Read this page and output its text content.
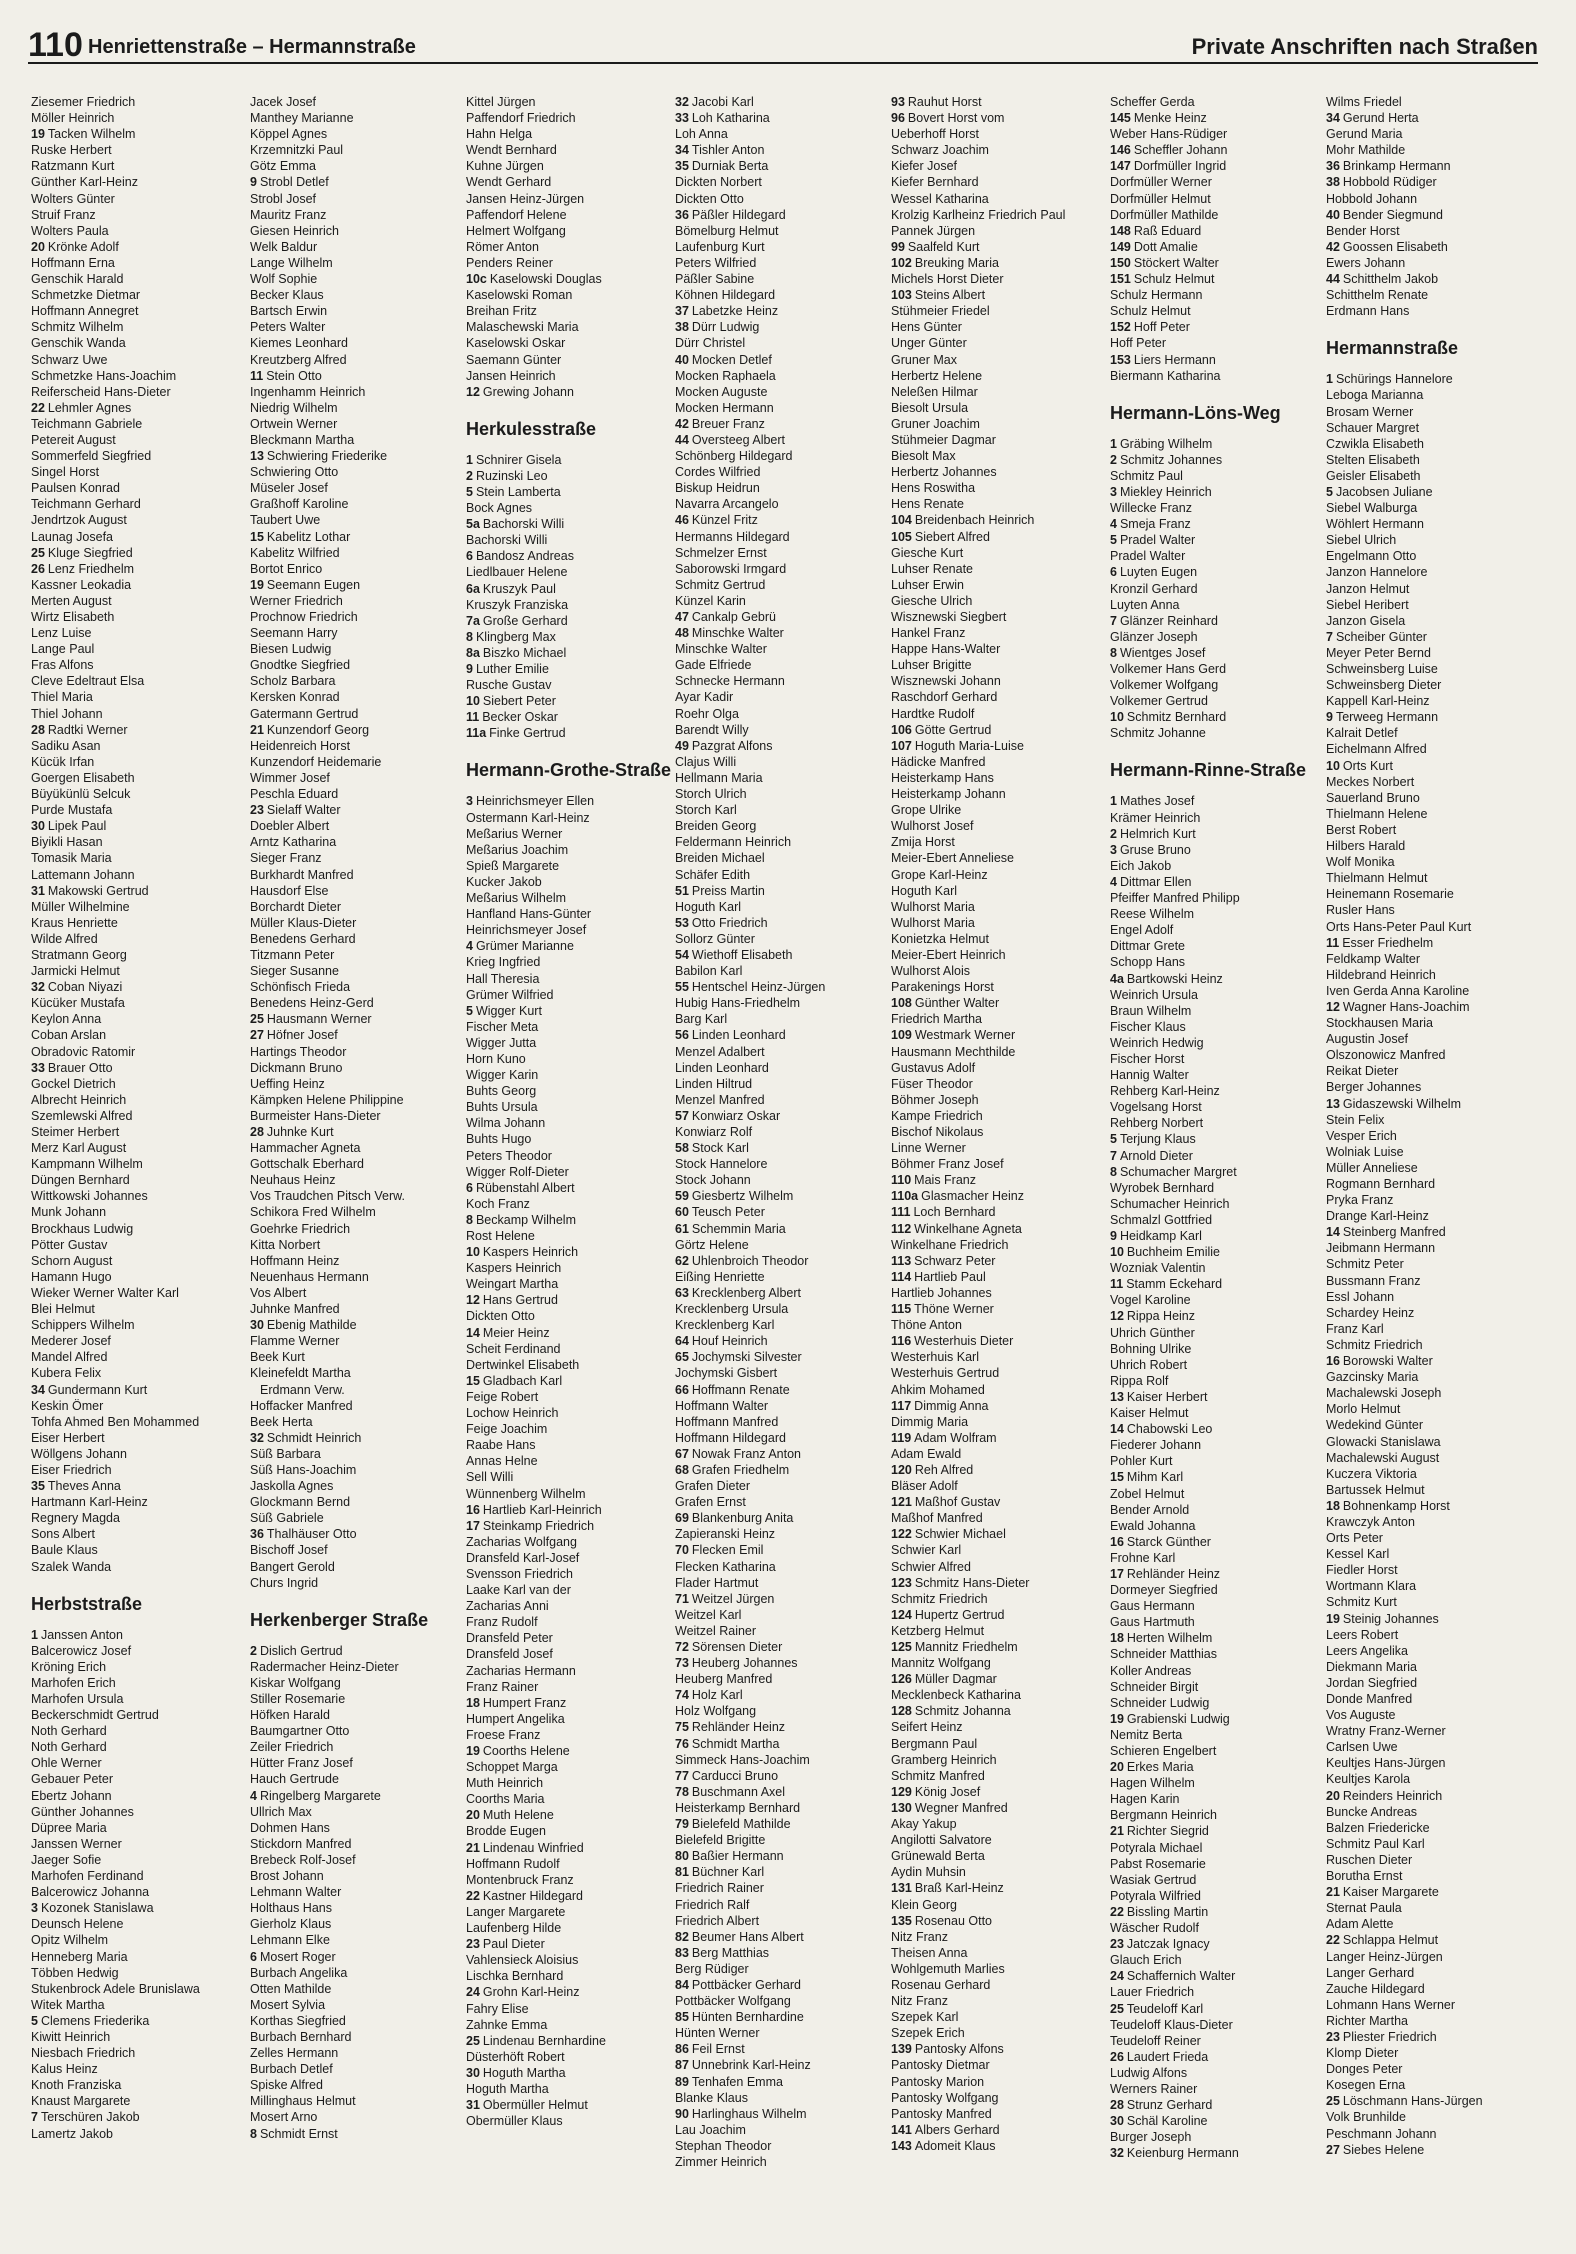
110 Henriettenstraße – Hermannstraße	Private Anschriften nach Straßen
Ziesemer Friedrich
Möller Heinrich
19 Tacken Wilhelm
Ruske Herbert
Ratzmann Kurt
Günther Karl-Heinz
Wolters Günter
Struif Franz
Wolters Paula
20 Krönke Adolf
Hoffmann Erna
Genschik Harald
Schmetzke Dietmar
Hoffmann Annegret
Schmitz Wilhelm
Genschik Wanda
Schwarz Uwe
Schmetzke Hans-Joachim
Reiferscheid Hans-Dieter
22 Lehmler Agnes
Teichmann Gabriele
Petereit August
Sommerfeld Siegfried
Singel Horst
Paulsen Konrad
Teichmann Gerhard
Jendrtzok August
Launag Josefa
25 Kluge Siegfried
26 Lenz Friedhelm
Kassner Leokadia
Merten August
Wirtz Elisabeth
Lenz Luise
Lange Paul
Fras Alfons
Cleve Edeltraut Elsa
Thiel Maria
Thiel Johann
28 Radtki Werner
Sadiku Asan
Kücük Irfan
Goergen Elisabeth
Büyükünlü Selcuk
Purde Mustafa
30 Lipek Paul
Biyikli Hasan
Tomasik Maria
Lattemann Johann
31 Makowski Gertrud
Müller Wilhelmine
Kraus Henriette
Wilde Alfred
Stratmann Georg
Jarmicki Helmut
32 Coban Niyazi
Kücüker Mustafa
Keylon Anna
Coban Arslan
Obradovic Ratomir
33 Brauer Otto
Gockel Dietrich
Albrecht Heinrich
Szemlewski Alfred
Steimer Herbert
Merz Karl August
Kampmann Wilhelm
Düngen Bernhard
Wittkowski Johannes
Munk Johann
Brockhaus Ludwig
Pötter Gustav
Schorn August
Hamann Hugo
Wieker Werner Walter Karl
Blei Helmut
Schippers Wilhelm
Mederer Josef
Mandel Alfred
Kubera Felix
34 Gundermann Kurt
Keskin Ömer
Tohfa Ahmed Ben Mohammed
Eiser Herbert
Wöllgens Johann
Eiser Friedrich
35 Theves Anna
Hartmann Karl-Heinz
Regnery Magda
Sons Albert
Baule Klaus
Szalek Wanda
Herbststraße
1 Janssen Anton
Balcerowicz Josef
Kröning Erich
Marhofen Erich
Marhofen Ursula
Beckerschmidt Gertrud
Noth Gerhard
Noth Gerhard
Ohle Werner
Gebauer Peter
Ebertz Johann
Günther Johannes
Düpree Maria
Janssen Werner
Jaeger Sofie
Marhofen Ferdinand
Balcerowicz Johanna
3 Kozonek Stanislawa
Deunsch Helene
Opitz Wilhelm
Henneberg Maria
Többen Hedwig
Stukenbrock Adele Brunislawa
Witek Martha
5 Clemens Friederika
Kiwitt Heinrich
Niesbach Friedrich
Kalus Heinz
Knoth Franziska
Knaust Margarete
7 Terschüren Jakob
Lamertz Jakob
Jacek Josef
Manthey Marianne
Köppel Agnes
Krzemnitzki Paul
Götz Emma
9 Strobl Detlef
Strobl Josef
Mauritz Franz
Giesen Heinrich
Welk Baldur
Lange Wilhelm
Wolf Sophie
Becker Klaus
Bartsch Erwin
Peters Walter
Kiemes Leonhard
Kreutzberg Alfred
11 Stein Otto
Ingenhamm Heinrich
Niedrig Wilhelm
Ortwein Werner
Bleckmann Martha
13 Schwiering Friederike
Schwiering Otto
Müseler Josef
Graßhoff Karoline
Taubert Uwe
15 Kabelitz Lothar
Kabelitz Wilfried
Bortot Enrico
19 Seemann Eugen
Werner Friedrich
Prochnow Friedrich
Seemann Harry
Biesen Ludwig
Gnodtke Siegfried
Scholz Barbara
Kersken Konrad
Gatermann Gertrud
21 Kunzendorf Georg
Heidenreich Horst
Kunzendorf Heidemarie
Wimmer Josef
Peschla Eduard
23 Sielaff Walter
Doebler Albert
Arntz Katharina
Sieger Franz
Burkhardt Manfred
Hausdorf Else
Borchardt Dieter
Müller Klaus-Dieter
Benedens Gerhard
Titzmann Peter
Sieger Susanne
Schönfisch Frieda
Benedens Heinz-Gerd
25 Hausmann Werner
27 Höfner Josef
Hartings Theodor
Dickmann Bruno
Ueffing Heinz
Kämpken Helene Philippine
Burmeister Hans-Dieter
28 Juhnke Kurt
Hammacher Agneta
Gottschalk Eberhard
Neuhaus Heinz
Vos Traudchen Pitsch Verw.
Schikora Fred Wilhelm
Goehrke Friedrich
Kitta Norbert
Hoffmann Heinz
Neuenhaus Hermann
Vos Albert
Juhnke Manfred
30 Ebenig Mathilde
Flamme Werner
Beek Kurt
Kleinefeldt Martha
Erdmann Verw.
Hoffacker Manfred
Beek Herta
32 Schmidt Heinrich
Süß Barbara
Süß Hans-Joachim
Jaskolla Agnes
Glockmann Bernd
Süß Gabriele
36 Thalhäuser Otto
Bischoff Josef
Bangert Gerold
Churs Ingrid
Herkenberger Straße
2 Dislich Gertrud
Radermacher Heinz-Dieter
Kiskar Wolfgang
Stiller Rosemarie
Höfken Harald
Baumgartner Otto
Zeiler Friedrich
Hütter Franz Josef
Hauch Gertrude
4 Ringelberg Margarete
Ullrich Max
Dohmen Hans
Stickdorn Manfred
Brebeck Rolf-Josef
Brost Johann
Lehmann Walter
Holthaus Hans
Gierholz Klaus
Lehmann Elke
6 Mosert Roger
Burbach Angelika
Otten Mathilde
Mosert Sylvia
Korthas Siegfried
Burbach Bernhard
Zelles Hermann
Burbach Detlef
Spiske Alfred
Millinghaus Helmut
Mosert Arno
8 Schmidt Ernst
Kittel Jürgen
Paffendorf Friedrich
Hahn Helga
Wendt Bernhard
Kuhne Jürgen
Wendt Gerhard
Jansen Heinz-Jürgen
Paffendorf Helene
Helmert Wolfgang
Römer Anton
Penders Reiner
10c Kaselowski Douglas
Kaselowski Roman
Breihan Fritz
Malaschewski Maria
Kaselowski Oskar
Saemann Günter
Jansen Heinrich
12 Grewing Johann
Herkulesstraße
1 Schnirer Gisela
2 Ruzinski Leo
5 Stein Lamberta
Bock Agnes
5a Bachorski Willi
Bachorski Willi
6 Bandosz Andreas
Liedlbauer Helene
6a Kruszyk Paul
Kruszyk Franziska
7a Große Gerhard
8 Klingberg Max
8a Biszko Michael
9 Luther Emilie
Rusche Gustav
10 Siebert Peter
11 Becker Oskar
11a Finke Gertrud
Hermann-Grothe-Straße
3 Heinrichsmeyer Ellen
Ostermann Karl-Heinz
Meßarius Werner
Meßarius Joachim
Spieß Margarete
Kucker Jakob
Meßarius Wilhelm
Hanfland Hans-Günter
Heinrichsmeyer Josef
4 Grümer Marianne
Krieg Ingfried
Hall Theresia
Grümer Wilfried
5 Wigger Kurt
Fischer Meta
Wigger Jutta
Horn Kuno
Wigger Karin
Buhts Georg
Buhts Ursula
Wilma Johann
Buhts Hugo
Peters Theodor
Wigger Rolf-Dieter
6 Rübenstahl Albert
Koch Franz
8 Beckamp Wilhelm
Rost Helene
10 Kaspers Heinrich
Kaspers Heinrich
Weingart Martha
12 Hans Gertrud
Dickten Otto
14 Meier Heinz
Scheit Ferdinand
Dertwinkel Elisabeth
15 Gladbach Karl
Feige Robert
Lochow Heinrich
Feige Joachim
Raabe Hans
Annas Helne
Sell Willi
Wünnenberg Wilhelm
16 Hartlieb Karl-Heinrich
17 Steinkamp Friedrich
Zacharias Wolfgang
Dransfeld Karl-Josef
Svensson Friedrich
Laake Karl van der
Zacharias Anni
Franz Rudolf
Dransfeld Peter
Dransfeld Josef
Zacharias Hermann
Franz Rainer
18 Humpert Franz
Humpert Angelika
Froese Franz
19 Coorths Helene
Schoppet Marga
Muth Heinrich
Coorths Maria
20 Muth Helene
Brodde Eugen
21 Lindenau Winfried
Hoffmann Rudolf
Montenbruck Franz
22 Kastner Hildegard
Langer Margarete
Laufenberg Hilde
23 Paul Dieter
Vahlensieck Aloisius
Lischka Bernhard
24 Grohn Karl-Heinz
Fahry Elise
Zahnke Emma
25 Lindenau Bernhardine
Düsterhöft Robert
30 Hoguth Martha
Hoguth Martha
31 Obermüller Helmut
Obermüller Klaus
32 Jacobi Karl
33 Loh Katharina
Loh Anna
34 Tishler Anton
35 Durniak Berta
Dickten Norbert
Dickten Otto
36 Päßler Hildegard
Bömelburg Helmut
Laufenburg Kurt
Peters Wilfried
Päßler Sabine
Köhnen Hildegard
37 Labetzke Heinz
38 Dürr Ludwig
Dürr Christel
40 Mocken Detlef
Mocken Raphaela
Mocken Auguste
Mocken Hermann
42 Breuer Franz
44 Oversteeg Albert
Schönberg Hildegard
Cordes Wilfried
Biskup Heidrun
Navarra Arcangelo
46 Künzel Fritz
Hermanns Hildegard
Schmelzer Ernst
Saborowski Irmgard
Schmitz Gertrud
Künzel Karin
47 Cankalp Gebrü
48 Minschke Walter
Minschke Walter
Gade Elfriede
Schnecke Hermann
Ayar Kadir
Roehr Olga
Barendt Willy
49 Pazgrat Alfons
Clajus Willi
Hellmann Maria
Storch Ulrich
Storch Karl
Breiden Georg
Feldermann Heinrich
Breiden Michael
Schäfer Edith
51 Preiss Martin
Hoguth Karl
53 Otto Friedrich
Sollorz Günter
54 Wiethoff Elisabeth
Babilon Karl
55 Hentschel Heinz-Jürgen
Hubig Hans-Friedhelm
Barg Karl
56 Linden Leonhard
Menzel Adalbert
Linden Leonhard
Linden Hiltrud
Menzel Manfred
57 Konwiarz Oskar
Konwiarz Rolf
58 Stock Karl
Stock Hannelore
Stock Johann
59 Giesbertz Wilhelm
60 Teusch Peter
61 Schemmin Maria
Görtz Helene
62 Uhlenbroich Theodor
Eißing Henriette
63 Krecklenberg Albert
Krecklenberg Ursula
Krecklenberg Karl
64 Houf Heinrich
65 Jochymski Silvester
Jochymski Gisbert
66 Hoffmann Renate
Hoffmann Walter
Hoffmann Manfred
Hoffmann Hildegard
67 Nowak Franz Anton
68 Grafen Friedhelm
Grafen Dieter
Grafen Ernst
69 Blankenburg Anita
Zapieranski Heinz
70 Flecken Emil
Flecken Katharina
Flader Hartmut
71 Weitzel Jürgen
Weitzel Karl
Weitzel Rainer
72 Sörensen Dieter
73 Heuberg Johannes
Heuberg Manfred
74 Holz Karl
Holz Wolfgang
75 Rehländer Heinz
76 Schmidt Martha
Simmeck Hans-Joachim
77 Carducci Bruno
78 Buschmann Axel
Heisterkamp Bernhard
79 Bielefeld Mathilde
Bielefeld Brigitte
80 Baßier Hermann
81 Büchner Karl
Friedrich Rainer
Friedrich Ralf
Friedrich Albert
82 Beumer Hans Albert
83 Berg Matthias
Berg Rüdiger
84 Pottbäcker Gerhard
Pottbäcker Wolfgang
85 Hünten Bernhardine
Hünten Werner
86 Feil Ernst
87 Unnebrink Karl-Heinz
89 Tenhafen Emma
Blanke Klaus
90 Harlinghaus Wilhelm
Lau Joachim
Stephan Theodor
Zimmer Heinrich
93 Rauhut Horst
96 Bovert Horst vom
Ueberhoff Horst
Schwarz Joachim
Kiefer Josef
Kiefer Bernhard
Wessel Katharina
Krolzig Karlheinz Friedrich Paul
Pannek Jürgen
99 Saalfeld Kurt
102 Breuking Maria
Michels Horst Dieter
103 Steins Albert
Stühmeier Friedel
Hens Günter
Unger Günter
Gruner Max
Herbertz Helene
Neleßen Hilmar
Biesolt Ursula
Gruner Joachim
Stühmeier Dagmar
Biesolt Max
Herbertz Johannes
Hens Roswitha
Hens Renate
104 Breidenbach Heinrich
105 Siebert Alfred
Giesche Kurt
Luhser Renate
Luhser Erwin
Giesche Ulrich
Wisznewski Siegbert
Hankel Franz
Happe Hans-Walter
Luhser Brigitte
Wisznewski Johann
Raschdorf Gerhard
Hardtke Rudolf
106 Götte Gertrud
107 Hoguth Maria-Luise
Hädicke Manfred
Heisterkamp Hans
Heisterkamp Johann
Grope Ulrike
Wulhorst Josef
Zmija Horst
Meier-Ebert Anneliese
Grope Karl-Heinz
Hoguth Karl
Wulhorst Maria
Wulhorst Maria
Konietzka Helmut
Meier-Ebert Heinrich
Wulhorst Alois
Parakenings Horst
108 Günther Walter
Friedrich Martha
109 Westmark Werner
Hausmann Mechthilde
Gustavus Adolf
Füser Theodor
Böhmer Joseph
Kampe Friedrich
Bischof Nikolaus
Linne Werner
Böhmer Franz Josef
110 Mais Franz
110a Glasmacher Heinz
111 Loch Bernhard
112 Winkelhane Agneta
Winkelhane Friedrich
113 Schwarz Peter
114 Hartlieb Paul
Hartlieb Johannes
115 Thöne Werner
Thöne Anton
116 Westerhuis Dieter
Westerhuis Karl
Westerhuis Gertrud
Ahkim Mohamed
117 Dimmig Anna
Dimmig Maria
119 Adam Wolfram
Adam Ewald
120 Reh Alfred
Bläser Adolf
121 Maßhof Gustav
Maßhof Manfred
122 Schwier Michael
Schwier Karl
Schwier Alfred
123 Schmitz Hans-Dieter
Schmitz Friedrich
124 Hupertz Gertrud
Ketzberg Helmut
125 Mannitz Friedhelm
Mannitz Wolfgang
126 Müller Dagmar
Mecklenbeck Katharina
128 Schmitz Johanna
Seifert Heinz
Bergmann Paul
Gramberg Heinrich
Schmitz Manfred
129 König Josef
130 Wegner Manfred
Akay Yakup
Angilotti Salvatore
Grünewald Berta
Aydin Muhsin
131 Braß Karl-Heinz
Klein Georg
135 Rosenau Otto
Nitz Franz
Theisen Anna
Wohlgemuth Marlies
Rosenau Gerhard
Nitz Franz
Szepek Karl
Szepek Erich
139 Pantosky Alfons
Pantosky Dietmar
Pantosky Marion
Pantosky Wolfgang
Pantosky Manfred
141 Albers Gerhard
143 Adomeit Klaus
Scheffer Gerda
145 Menke Heinz
Weber Hans-Rüdiger
146 Scheffler Johann
147 Dorfmüller Ingrid
Dorfmüller Werner
Dorfmüller Helmut
Dorfmüller Mathilde
148 Raß Eduard
149 Dott Amalie
150 Stöckert Walter
151 Schulz Helmut
Schulz Hermann
Schulz Helmut
152 Hoff Peter
Hoff Peter
153 Liers Hermann
Biermann Katharina
Hermann-Löns-Weg
1 Gräbing Wilhelm
2 Schmitz Johannes
Schmitz Paul
3 Miekley Heinrich
Willecke Franz
4 Smeja Franz
5 Pradel Walter
Pradel Walter
6 Luyten Eugen
Kronzil Gerhard
Luyten Anna
7 Glänzer Reinhard
Glänzer Joseph
8 Wientges Josef
Volkemer Hans Gerd
Volkemer Wolfgang
Volkemer Gertrud
10 Schmitz Bernhard
Schmitz Johanne
Hermann-Rinne-Straße
1 Mathes Josef
Krämer Heinrich
2 Helmrich Kurt
3 Gruse Bruno
Eich Jakob
4 Dittmar Ellen
Pfeiffer Manfred Philipp
Reese Wilhelm
Engel Adolf
Dittmar Grete
Schopp Hans
4a Bartkowski Heinz
Weinrich Ursula
Braun Wilhelm
Fischer Klaus
Weinrich Hedwig
Fischer Horst
Hannig Walter
Rehberg Karl-Heinz
Vogelsang Horst
Rehberg Norbert
5 Terjung Klaus
7 Arnold Dieter
8 Schumacher Margret
Wyrobek Bernhard
Schumacher Heinrich
Schmalzl Gottfried
9 Heidkamp Karl
10 Buchheim Emilie
Wozniak Valentin
11 Stamm Eckehard
Vogel Karoline
12 Rippa Heinz
Uhrich Günther
Bohning Ulrike
Uhrich Robert
Rippa Rolf
13 Kaiser Herbert
Kaiser Helmut
14 Chabowski Leo
Fiederer Johann
Pohler Kurt
15 Mihm Karl
Zobel Helmut
Bender Arnold
Ewald Johanna
16 Starck Günther
Frohne Karl
17 Rehländer Heinz
Dormeyer Siegfried
Gaus Hermann
Gaus Hartmuth
18 Herten Wilhelm
Schneider Matthias
Koller Andreas
Schneider Birgit
Schneider Ludwig
19 Grabienski Ludwig
Nemitz Berta
Schieren Engelbert
20 Erkes Maria
Hagen Wilhelm
Hagen Karin
Bergmann Heinrich
21 Richter Siegrid
Potyrala Michael
Pabst Rosemarie
Wasiak Gertrud
Potyrala Wilfried
22 Bissling Martin
Wäscher Rudolf
23 Jatczak Ignacy
Glauch Erich
24 Schaffernich Walter
Lauer Friedrich
25 Teudeloff Karl
Teudeloff Klaus-Dieter
Teudeloff Reiner
26 Laudert Frieda
Ludwig Alfons
Werners Rainer
28 Strunz Gerhard
30 Schäl Karoline
Burger Joseph
32 Keienburg Hermann
Wilms Friedel
34 Gerund Herta
Gerund Maria
Mohr Mathilde
36 Brinkamp Hermann
38 Hobbold Rüdiger
Hobbold Johann
40 Bender Siegmund
Bender Horst
42 Goossen Elisabeth
Ewers Johann
44 Schitthelm Jakob
Schitthelm Renate
Erdmann Hans
Hermannstraße
1 Schürings Hannelore
Leboga Marianna
Brosam Werner
Schauer Margret
Czwikla Elisabeth
Stelten Elisabeth
Geisler Elisabeth
5 Jacobsen Juliane
Siebel Walburga
Wöhlert Hermann
Siebel Ulrich
Engelmann Otto
Janzon Hannelore
Janzon Helmut
Siebel Heribert
Janzon Gisela
7 Scheiber Günter
Meyer Peter Bernd
Schweinsberg Luise
Schweinsberg Dieter
Kappell Karl-Heinz
9 Terweeg Hermann
Kalrait Detlef
Eichelmann Alfred
10 Orts Kurt
Meckes Norbert
Sauerland Bruno
Thielmann Helene
Berst Robert
Hilbers Harald
Wolf Monika
Thielmann Helmut
Heinemann Rosemarie
Rusler Hans
Orts Hans-Peter Paul Kurt
11 Esser Friedhelm
Feldkamp Walter
Hildebrand Heinrich
Iven Gerda Anna Karoline
12 Wagner Hans-Joachim
Stockhausen Maria
Augustin Josef
Olszonowicz Manfred
Reikat Dieter
Berger Johannes
13 Gidaszewski Wilhelm
Stein Felix
Vesper Erich
Wolniak Luise
Müller Anneliese
Rogmann Bernhard
Pryka Franz
Drange Karl-Heinz
14 Steinberg Manfred
Jeibmann Hermann
Schmitz Peter
Bussmann Franz
Essl Johann
Schardey Heinz
Franz Karl
Schmitz Friedrich
16 Borowski Walter
Gazcinsky Maria
Machalewski Joseph
Morlo Helmut
Wedekind Günter
Glowacki Stanislawa
Machalewski August
Kuczera Viktoria
Bartussek Helmut
18 Bohnenkamp Horst
Krawczyk Anton
Orts Peter
Kessel Karl
Fiedler Horst
Wortmann Klara
Schmitz Kurt
19 Steinig Johannes
Leers Robert
Leers Angelika
Diekmann Maria
Jordan Siegfried
Donde Manfred
Vos Auguste
Wratny Franz-Werner
Carlsen Uwe
Keultjes Hans-Jürgen
Keultjes Karola
20 Reinders Heinrich
Buncke Andreas
Balzen Friedericke
Schmitz Paul Karl
Ruschen Dieter
Borutha Ernst
21 Kaiser Margarete
Sternat Paula
Adam Alette
22 Schlappa Helmut
Langer Heinz-Jürgen
Langer Gerhard
Zauche Hildegard
Lohmann Hans Werner
Richter Martha
23 Pliester Friedrich
Klomp Dieter
Donges Peter
Kosegen Erna
25 Löschmann Hans-Jürgen
Volk Brunhilde
Peschmann Johann
27 Siebes Helene
